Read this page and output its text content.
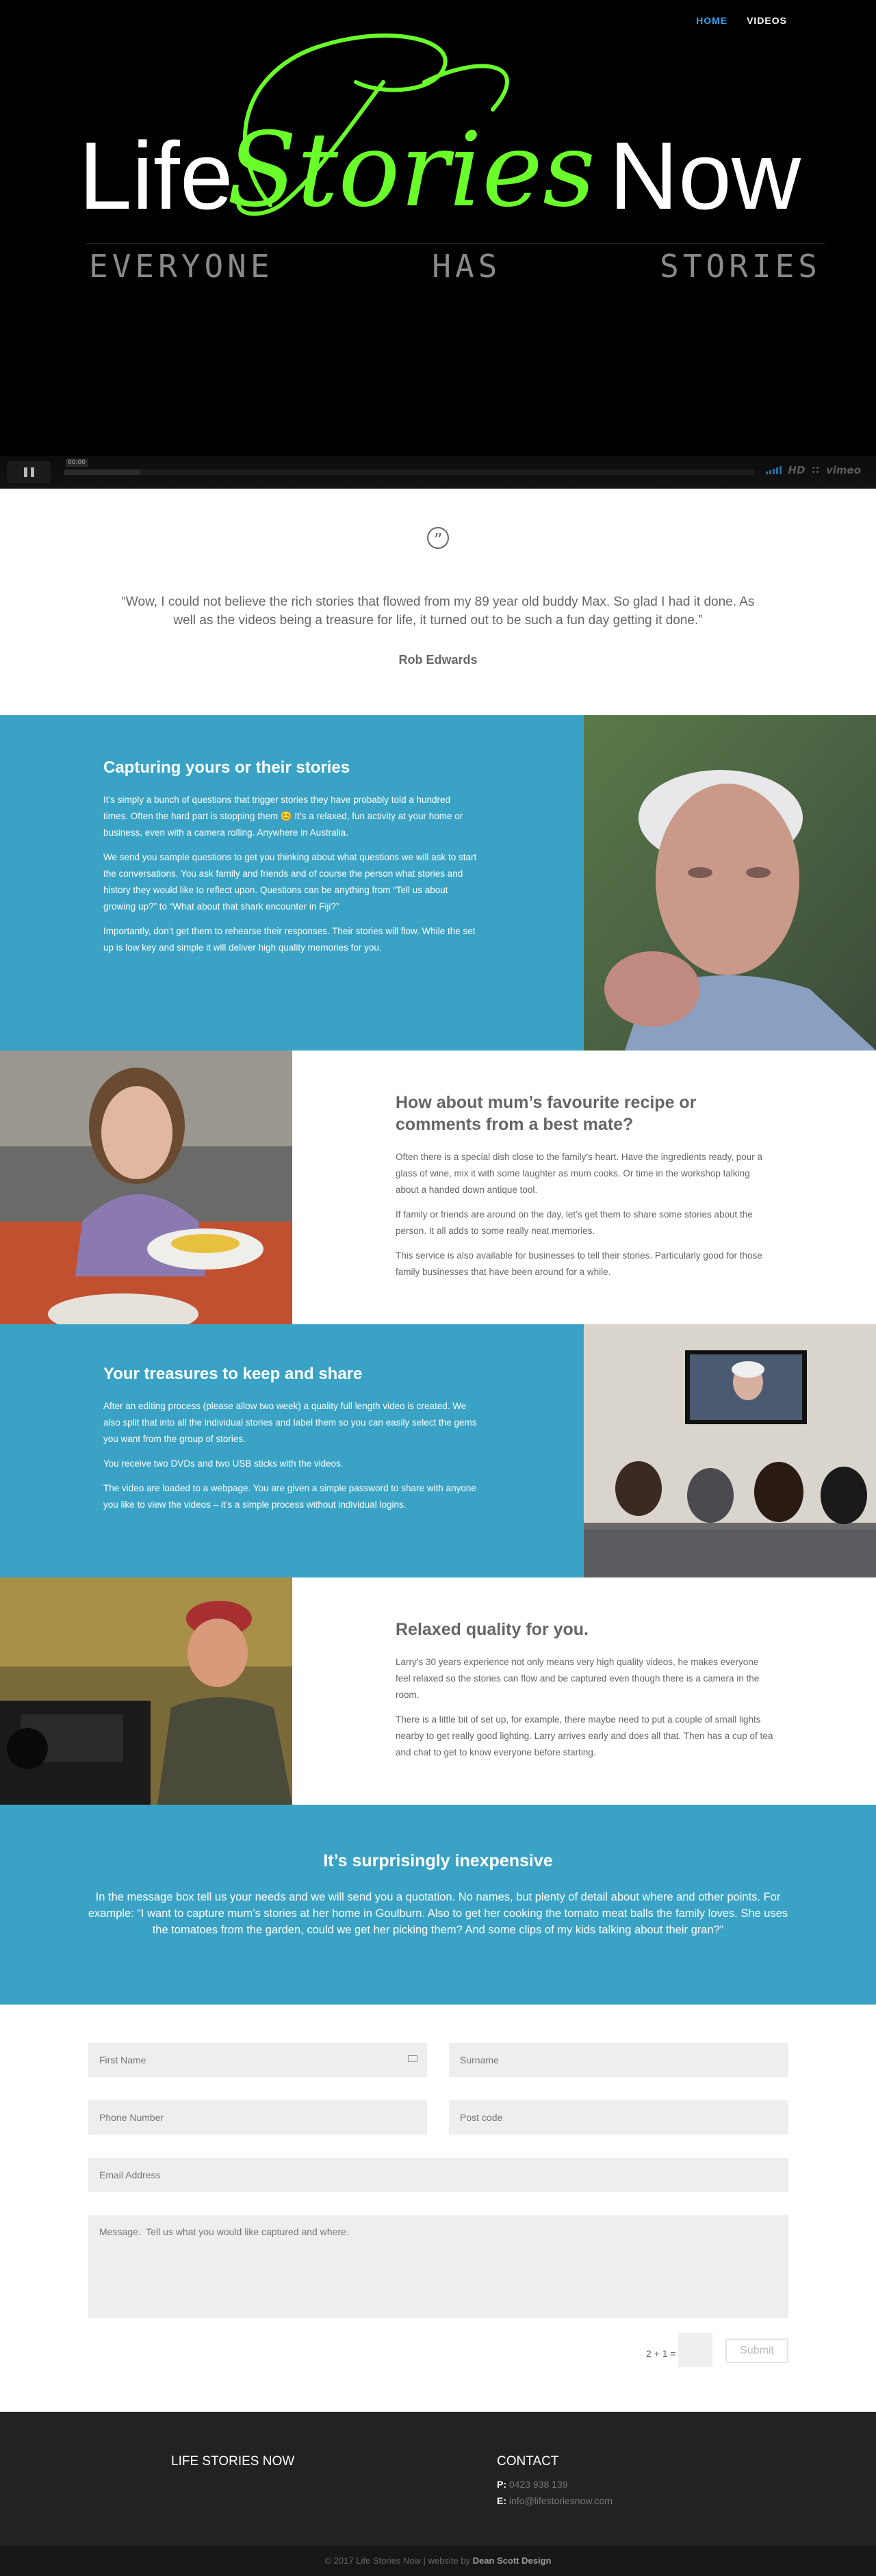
HOME VIDEOS
Life	Now
Stories
EVERYONE	HAS	STORIES
00:00
HD ∷ vimeo
”

“Wow, I could not believe the rich stories that flowed from my 89 year old buddy Max. So glad I had it done. As well as the videos being a treasure for life, it turned out to be such a fun day getting it done.”

Rob Edwards
Capturing yours or their stories

It’s simply a bunch of questions that trigger stories they have probably told a hundred times. Often the hard part is stopping them 😊 It’s a relaxed, fun activity at your home or business, even with a camera rolling. Anywhere in Australia.

We send you sample questions to get you thinking about what questions we will ask to start the conversations. You ask family and friends and of course the person what stories and history they would like to reflect upon. Questions can be anything from “Tell us about growing up?” to “What about that shark encounter in Fiji?”

Importantly, don’t get them to rehearse their responses. Their stories will flow. While the set up is low key and simple it will deliver high quality memories for you.

How about mum’s favourite recipe or comments from a best mate?

Often there is a special dish close to the family’s heart. Have the ingredients ready, pour a glass of wine, mix it with some laughter as mum cooks. Or time in the workshop talking about a handed down antique tool.

If family or friends are around on the day, let’s get them to share some stories about the person. It all adds to some really neat memories.

This service is also available for businesses to tell their stories. Particularly good for those family businesses that have been around for a while.

Your treasures to keep and share

After an editing process (please allow two week) a quality full length video is created. We also split that into all the individual stories and label them so you can easily select the gems you want from the group of stories.

You receive two DVDs and two USB sticks with the videos.

The video are loaded to a webpage. You are given a simple password to share with anyone you like to view the videos – it’s a simple process without individual logins.

Relaxed quality for you.

Larry’s 30 years experience not only means very high quality videos, he makes everyone feel relaxed so the stories can flow and be captured even though there is a camera in the room.

There is a little bit of set up, for example, there maybe need to put a couple of small lights nearby to get really good lighting. Larry arrives early and does all that. Then has a cup of tea and chat to get to know everyone before starting.

It’s surprisingly inexpensive

In the message box tell us your needs and we will send you a quotation. No names, but plenty of detail about where and other points. For example: “I want to capture mum’s stories at her home in Goulburn. Also to get her cooking the tomato meat balls the family loves. She uses the tomatoes from the garden, could we get her picking them? And some clips of my kids talking about their gran?”

First Name
Surname
Phone Number
Post code
Email Address
Message. Tell us what you would like captured and where.
2 + 1 =	Submit
LIFE STORIES NOW	CONTACT
P: 0423 938 139
E: info@lifestoriesnow.com
© 2017 Life Stories Now | website by Dean Scott Design
